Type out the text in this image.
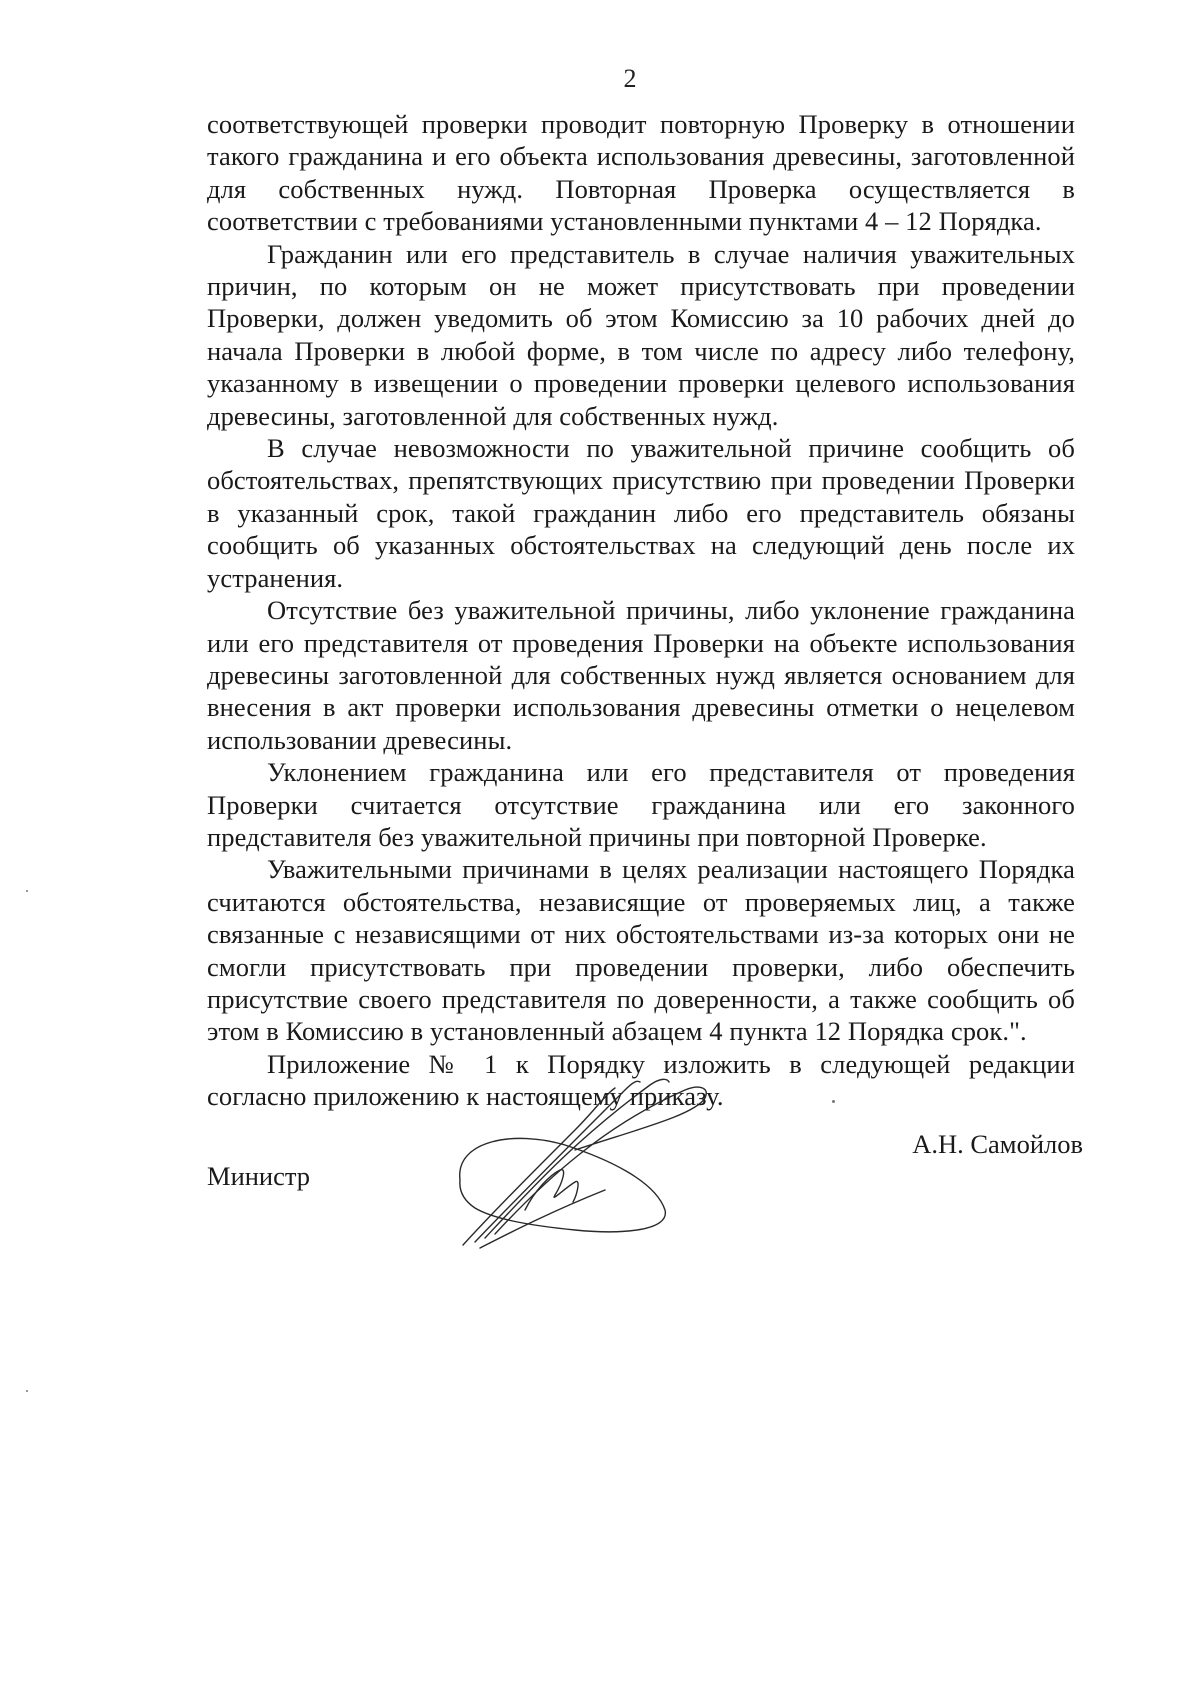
2

соответствующей проверки проводит повторную Проверку в отношении такого гражданина и его объекта использования древесины, заготовленной для собственных нужд. Повторная Проверка осуществляется в соответствии с требованиями установленными пунктами 4 – 12 Порядка.

Гражданин или его представитель в случае наличия уважительных причин, по которым он не может присутствовать при проведении Проверки, должен уведомить об этом Комиссию за 10 рабочих дней до начала Проверки в любой форме, в том числе по адресу либо телефону, указанному в извещении о проведении проверки целевого использования древесины, заготовленной для собственных нужд.

В случае невозможности по уважительной причине сообщить об обстоятельствах, препятствующих присутствию при проведении Проверки в указанный срок, такой гражданин либо его представитель обязаны сообщить об указанных обстоятельствах на следующий день после их устранения.

Отсутствие без уважительной причины, либо уклонение гражданина или его представителя от проведения Проверки на объекте использования древесины заготовленной для собственных нужд является основанием для внесения в акт проверки использования древесины отметки о нецелевом использовании древесины.

Уклонением гражданина или его представителя от проведения Проверки считается отсутствие гражданина или его законного представителя без уважительной причины при повторной Проверке.

Уважительными причинами в целях реализации настоящего Порядка считаются обстоятельства, независящие от проверяемых лиц, а также связанные с независящими от них обстоятельствами из-за которых они не смогли присутствовать при проведении проверки, либо обеспечить присутствие своего представителя по доверенности, а также сообщить об этом в Комиссию в установленный абзацем 4 пункта 12 Порядка срок.".

Приложение № 1 к Порядку изложить в следующей редакции согласно приложению к настоящему приказу.

Министр
А.Н. Самойлов
